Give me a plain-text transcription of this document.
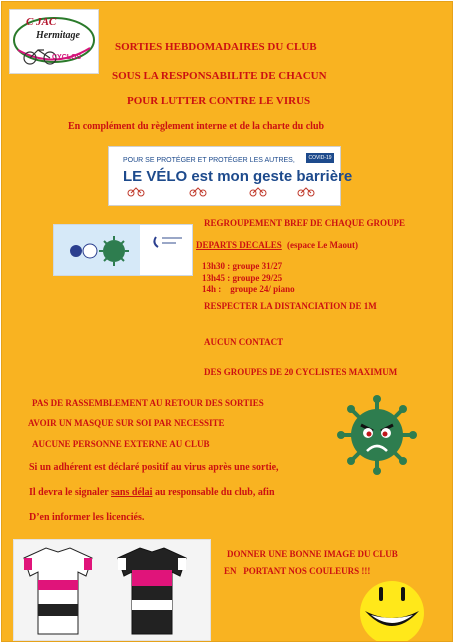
C JAC
Hermitage
CYCLOS
SORTIES HEBDOMADAIRES DU CLUB
SOUS LA RESPONSABILITE DE CHACUN
POUR LUTTER CONTRE LE VIRUS
En complément du règlement interne et de la charte du club
COVID-19
POUR SE PROTÉGER ET PROTÉGER LES AUTRES,
LE VÉLO est mon geste barrière
REGROUPEMENT BREF DE CHAQUE GROUPE
DEPARTS DECALES (espace Le Maout)
13h30 : groupe 31/27
13h45 : groupe 29/25
14h :    groupe 24/ piano
RESPECTER LA DISTANCIATION DE 1M
AUCUN CONTACT
DES GROUPES DE 20 CYCLISTES MAXIMUM
PAS DE RASSEMBLEMENT AU RETOUR DES SORTIES
AVOIR UN MASQUE SUR SOI PAR NECESSITE
AUCUNE PERSONNE EXTERNE AU CLUB
Si un adhérent est déclaré positif au virus après une sortie,
Il devra le signaler sans délai au responsable du club, afin
D’en informer les licenciés.
DONNER UNE BONNE IMAGE DU CLUB
EN   PORTANT NOS COULEURS !!!
